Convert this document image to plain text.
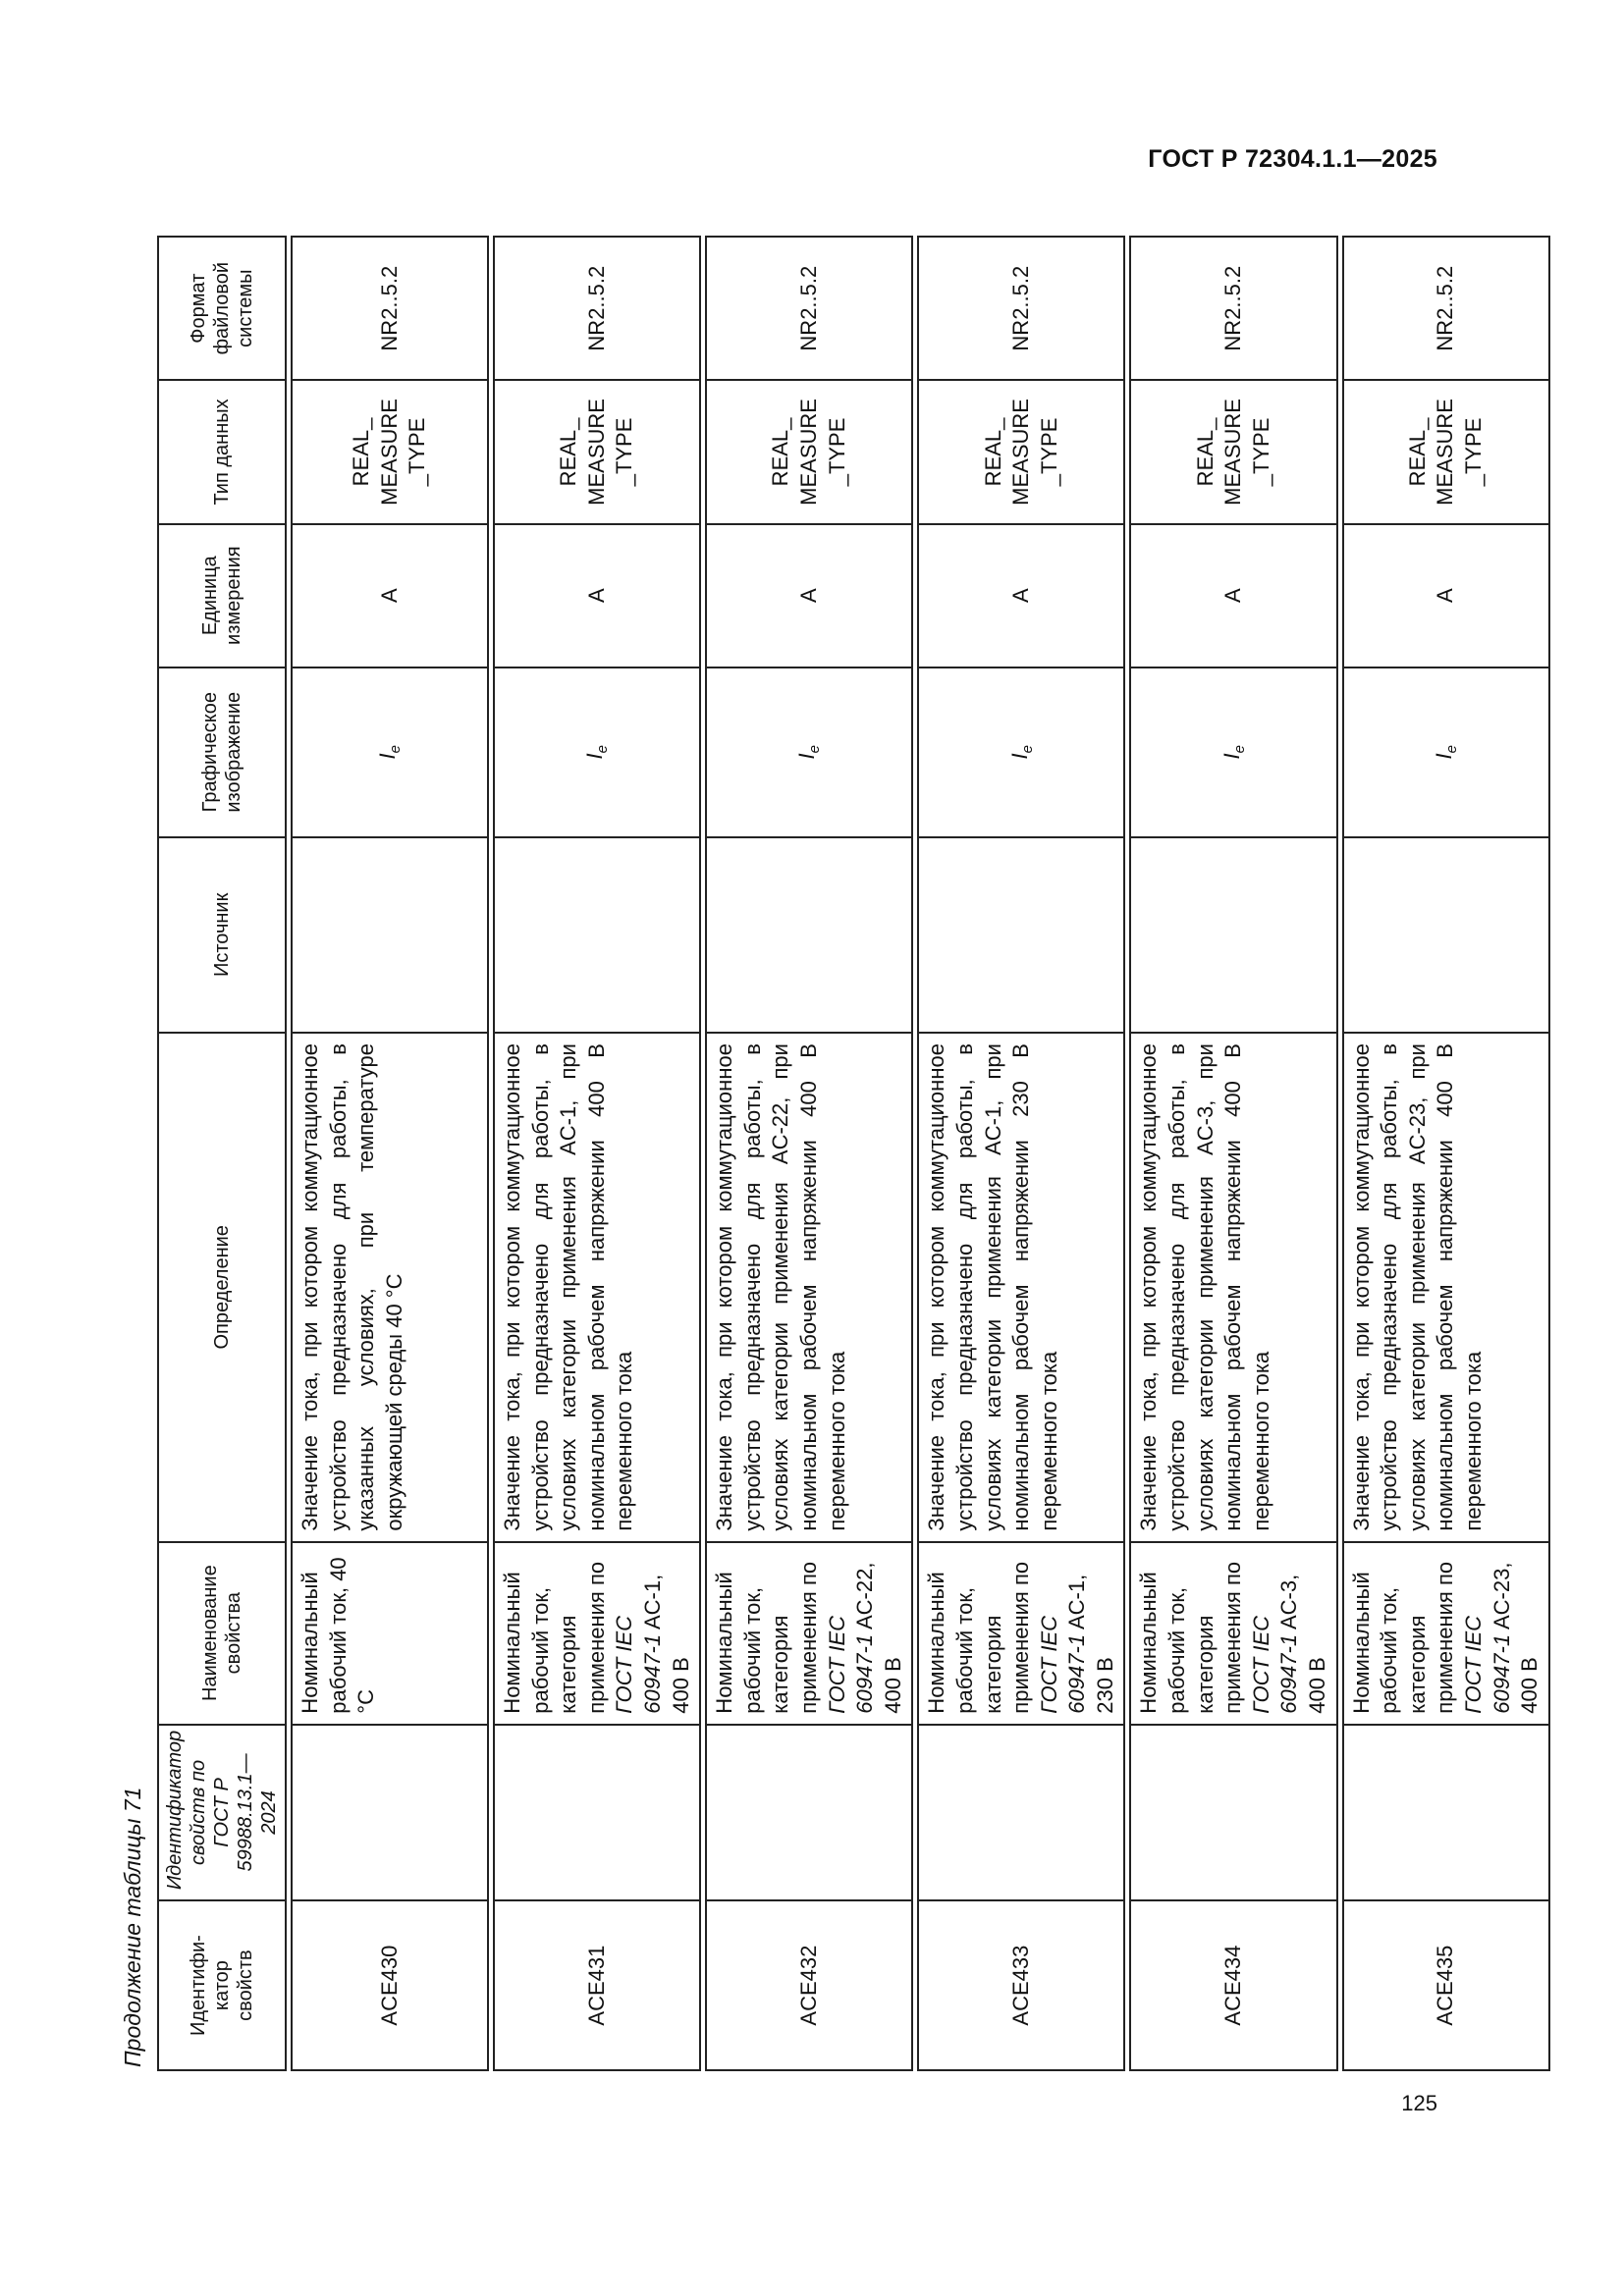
ГОСТ Р 72304.1.1—2025
Продолжение таблицы 71	Идентифи-
катор
свойств	Идентификатор свойств по ГОСТ Р 59988.13.1—2024	Наименование
свойства	Определение	Источник	Графическое
изображение	Единица
измерения	Тип данных	Формат
файловой
системы

ACE430		Номинальный рабочий ток, 40 °C	Значение тока, при котором коммутационное устройство предназначено для работы, в указанных условиях, при температуре окружающей среды 40 °C		$I_e$	A	REAL_
MEASURE
_TYPE	NR2..5.2

ACE431		Номинальный рабочий ток, категория применения по ГОСТ IEC 60947-1 AC-1, 400 В	Значение тока, при котором коммутационное устройство предназначено для работы, в условиях категории применения AC-1, при номинальном рабочем напряжении 400 В переменного тока		$I_e$	A	REAL_
MEASURE
_TYPE	NR2..5.2

ACE432		Номинальный рабочий ток, категория применения по ГОСТ IEC 60947-1 AC-22, 400 В	Значение тока, при котором коммутационное устройство предназначено для работы, в условиях категории применения AC-22, при номинальном рабочем напряжении 400 В переменного тока		$I_e$	A	REAL_
MEASURE
_TYPE	NR2..5.2

ACE433		Номинальный рабочий ток, категория применения по ГОСТ IEC 60947-1 AC-1, 230 В	Значение тока, при котором коммутационное устройство предназначено для работы, в условиях категории применения AC-1, при номинальном рабочем напряжении 230 В переменного тока		$I_e$	A	REAL_
MEASURE
_TYPE	NR2..5.2

ACE434		Номинальный рабочий ток, категория применения по ГОСТ IEC 60947-1 AC-3, 400 В	Значение тока, при котором коммутационное устройство предназначено для работы, в условиях категории применения AC-3, при номинальном рабочем напряжении 400 В переменного тока		$I_e$	A	REAL_
MEASURE
_TYPE	NR2..5.2

ACE435		Номинальный рабочий ток, категория применения по ГОСТ IEC 60947-1 AC-23, 400 В	Значение тока, при котором коммутационное устройство предназначено для работы, в условиях категории применения AC-23, при номинальном рабочем напряжении 400 В переменного тока		$I_e$	A	REAL_
MEASURE
_TYPE	NR2..5.2
125
